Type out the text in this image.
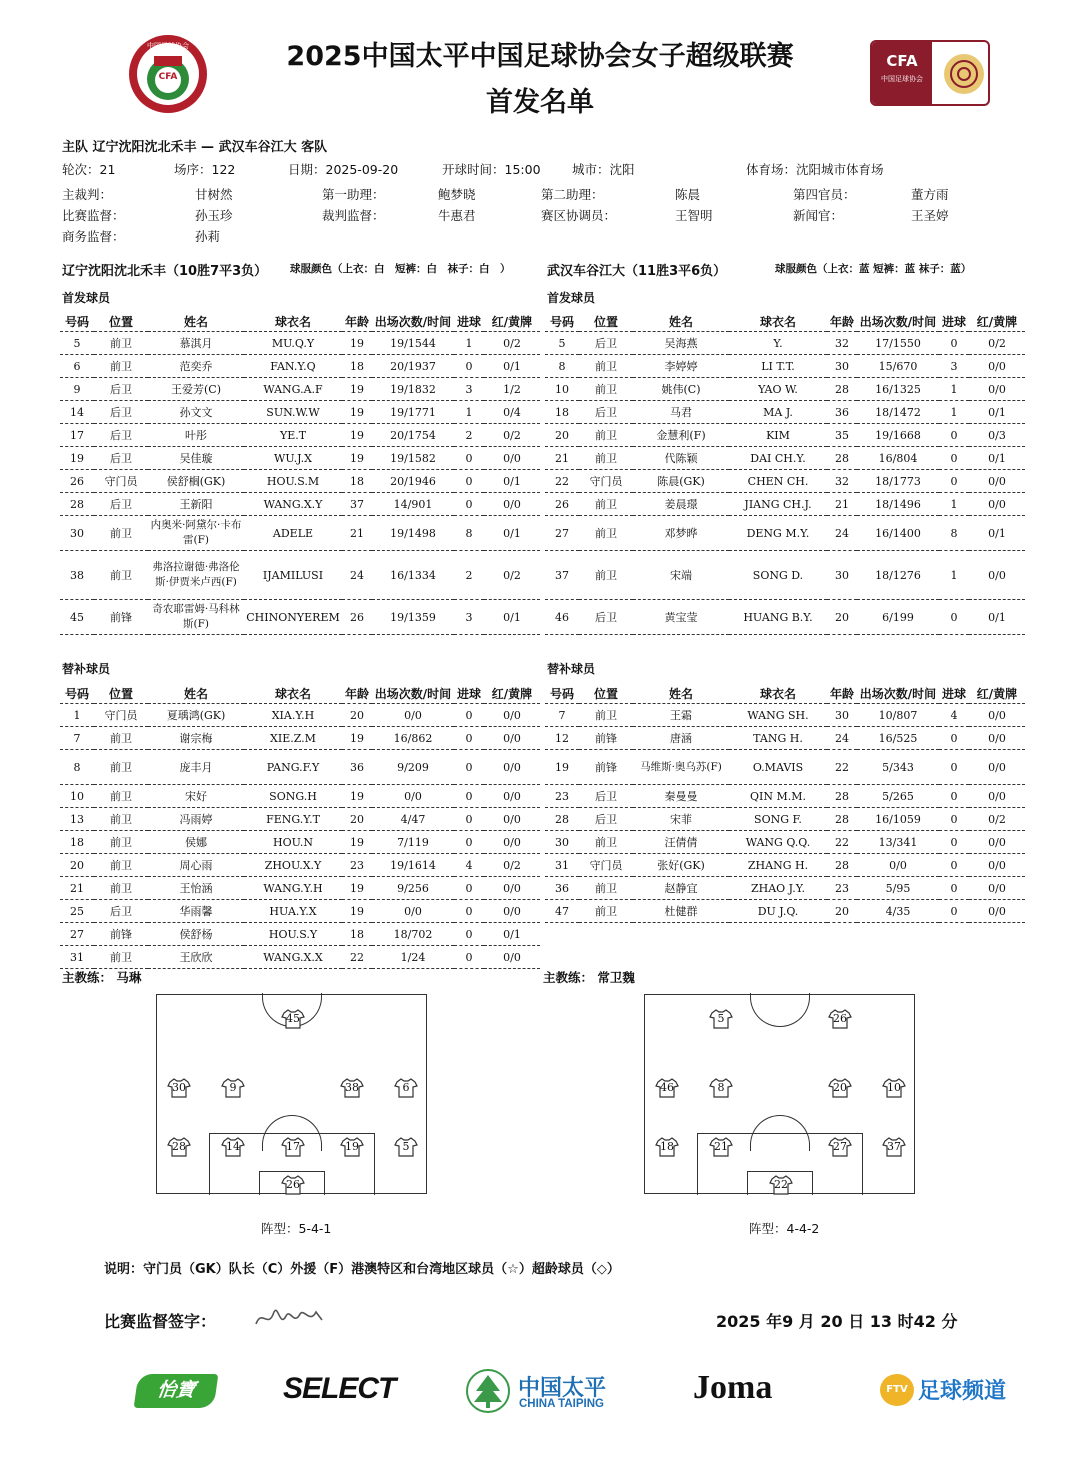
CFA
中国足球协会	2025中国太平中国足球协会女子超级联赛
首发名单
CFA
中国足球协会
主队 辽宁沈阳沈北禾丰 — 武汉车谷江大 客队
轮次：21	场序：122	日期：2025-09-20	开球时间：15:00	城市：沈阳	体育场：沈阳城市体育场
主裁判：	甘树然	第一助理：	鲍梦晓	第二助理：	陈晨	第四官员：	董方雨
比赛监督：	孙玉珍	裁判监督：	牛惠君	赛区协调员：	王智明	新闻官：	王圣婷
商务监督：	孙莉
辽宁沈阳沈北禾丰（10胜7平3负） 球服颜色（上衣：白　短裤：白　袜子：白　）	武汉车谷江大（11胜3平6负）	球服颜色（上衣：蓝 短裤：蓝 袜子：蓝）
首发球员	首发球员
号码	位置	姓名	球衣名	年龄	出场次数/时间	进球	红/黄牌
5	前卫	慕淇月	MU.Q.Y	19	19/1544	1	0/2
6	前卫	范奕乔	FAN.Y.Q	18	20/1937	0	0/1
9	后卫	王爱芳(C)	WANG.A.F	19	19/1832	3	1/2
14	后卫	孙文文	SUN.W.W	19	19/1771	1	0/4
17	后卫	叶彤	YE.T	19	20/1754	2	0/2
19	后卫	吴佳璇	WU.J.X	19	19/1582	0	0/0
26	守门员	侯舒榈(GK)	HOU.S.M	18	20/1946	0	0/1
28	后卫	王新阳	WANG.X.Y	37	14/901	0	0/0
30	前卫	内奥米·阿黛尔·卡布雷(F)	ADELE	21	19/1498	8	0/1
38	前卫	弗洛拉谢德·弗洛伦斯·伊贾米卢西(F)	IJAMILUSI	24	16/1334	2	0/2
45	前锋	奇农耶雷姆·马科林斯(F)	CHINONYEREM	26	19/1359	3	0/1
号码	位置	姓名	球衣名	年龄	出场次数/时间	进球	红/黄牌
5	后卫	吴海燕	Y.	32	17/1550	0	0/2
8	前卫	李婷婷	LI T.T.	30	15/670	3	0/0
10	前卫	姚伟(C)	YAO W.	28	16/1325	1	0/0
18	后卫	马君	MA J.	36	18/1472	1	0/1
20	前卫	金慧利(F)	KIM	35	19/1668	0	0/3
21	前卫	代陈颖	DAI CH.Y.	28	16/804	0	0/1
22	守门员	陈晨(GK)	CHEN CH.	32	18/1773	0	0/0
26	前卫	姜晨璟	JIANG CH.J.	21	18/1496	1	0/0
27	前卫	邓梦晔	DENG M.Y.	24	16/1400	8	0/1
37	前卫	宋端	SONG D.	30	18/1276	1	0/0
46	后卫	黄宝莹	HUANG B.Y.	20	6/199	0	0/1
替补球员	替补球员
号码	位置	姓名	球衣名	年龄	出场次数/时间	进球	红/黄牌
1	守门员	夏瑀鸿(GK)	XIA.Y.H	20	0/0	0	0/0
7	前卫	谢宗梅	XIE.Z.M	19	16/862	0	0/0
8	前卫	庞丰月	PANG.F.Y	36	9/209	0	0/0
10	前卫	宋好	SONG.H	19	0/0	0	0/0
13	前卫	冯雨婷	FENG.Y.T	20	4/47	0	0/0
18	前卫	侯娜	HOU.N	19	7/119	0	0/0
20	前卫	周心雨	ZHOU.X.Y	23	19/1614	4	0/2
21	前卫	王怡涵	WANG.Y.H	19	9/256	0	0/0
25	后卫	华雨馨	HUA.Y.X	19	0/0	0	0/0
27	前锋	侯舒杨	HOU.S.Y	18	18/702	0	0/1
31	前卫	王欣欣	WANG.X.X	22	1/24	0	0/0
号码	位置	姓名	球衣名	年龄	出场次数/时间	进球	红/黄牌
7	前卫	王霜	WANG SH.	30	10/807	4	0/0
12	前锋	唐涵	TANG H.	24	16/525	0	0/0
19	前锋	马维斯·奥乌苏(F)	O.MAVIS	22	5/343	0	0/0
23	后卫	秦曼曼	QIN M.M.	28	5/265	0	0/0
28	后卫	宋菲	SONG F.	28	16/1059	0	0/2
30	前卫	汪倩倩	WANG Q.Q.	22	13/341	0	0/0
31	守门员	张好(GK)	ZHANG H.	28	0/0	0	0/0
36	前卫	赵静宜	ZHAO J.Y.	23	5/95	0	0/0
47	前卫	杜健群	DU J.Q.	20	4/35	0	0/0
主教练： 马琳	主教练： 常卫魏
45
30	9	38	6
28	14	17	19	5
26
5	26
46	8	20	10
18	21	27	37
22
阵型：5-4-1	阵型：4-4-2
说明：守门员（GK）队长（C）外援（F）港澳特区和台湾地区球员（☆）超龄球员（◇）
比赛监督签字：	2025 年9 月 20 日 13 时42 分
怡寶	SELECT	中国太平
CHINA TAIPING	Joma	FTV 足球频道
